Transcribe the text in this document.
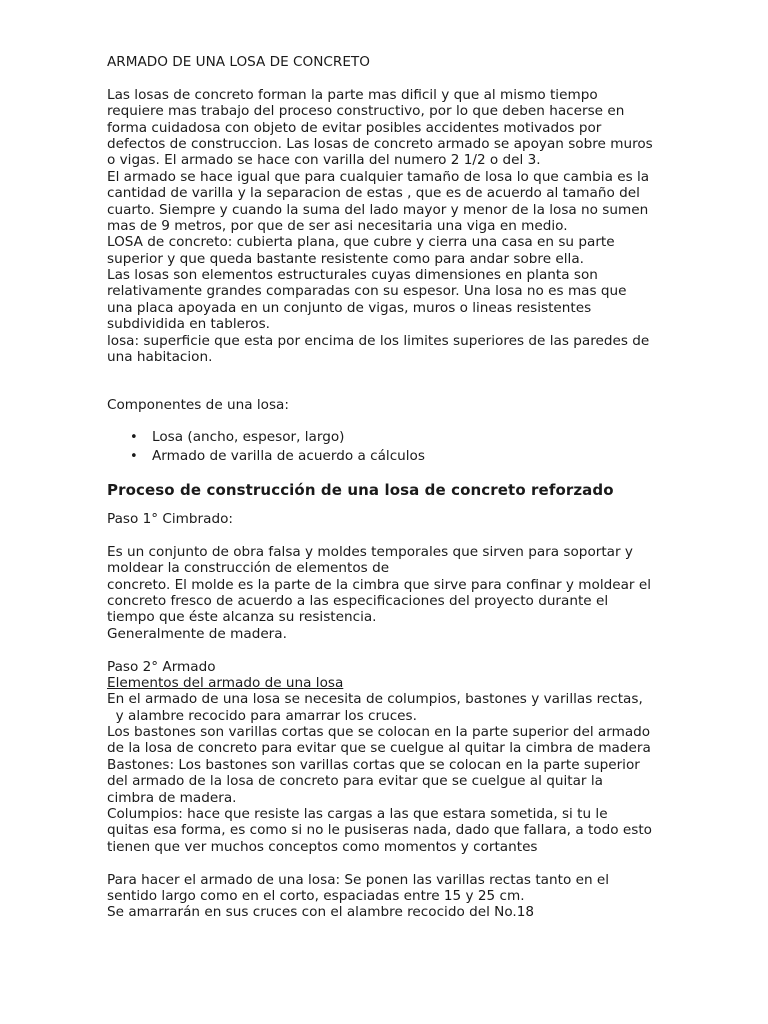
ARMADO DE UNA LOSA DE CONCRETO
Las losas de concreto forman la parte mas dificil y que al mismo tiempo
requiere mas trabajo del proceso constructivo, por lo que deben hacerse en
forma cuidadosa con objeto de evitar posibles accidentes motivados por
defectos de construccion. Las losas de concreto armado se apoyan sobre muros
o vigas. El armado se hace con varilla del numero 2 1/2 o del 3.
El armado se hace igual que para cualquier tamaño de losa lo que cambia es la
cantidad de varilla y la separacion de estas , que es de acuerdo al tamaño del
cuarto. Siempre y cuando la suma del lado mayor y menor de la losa no sumen
mas de 9 metros, por que de ser asi necesitaria una viga en medio.
LOSA de concreto: cubierta plana, que cubre y cierra una casa en su parte
superior y que queda bastante resistente como para andar sobre ella.
Las losas son elementos estructurales cuyas dimensiones en planta son
relativamente grandes comparadas con su espesor. Una losa no es mas que
una placa apoyada en un conjunto de vigas, muros o lineas resistentes
subdividida en tableros.
losa: superficie que esta por encima de los limites superiores de las paredes de
una habitacion.
Componentes de una losa:
• Losa (ancho, espesor, largo)
• Armado de varilla de acuerdo a cálculos
Proceso de construcción de una losa de concreto reforzado
Paso 1° Cimbrado:
Es un conjunto de obra falsa y moldes temporales que sirven para soportar y
moldear la construcción de elementos de
concreto. El molde es la parte de la cimbra que sirve para confinar y moldear el
concreto fresco de acuerdo a las especificaciones del proyecto durante el
tiempo que éste alcanza su resistencia.
Generalmente de madera.
Paso 2° Armado
Elementos del armado de una losa
En el armado de una losa se necesita de columpios, bastones y varillas rectas,
y alambre recocido para amarrar los cruces.
Los bastones son varillas cortas que se colocan en la parte superior del armado
de la losa de concreto para evitar que se cuelgue al quitar la cimbra de madera
Bastones: Los bastones son varillas cortas que se colocan en la parte superior
del armado de la losa de concreto para evitar que se cuelgue al quitar la
cimbra de madera.
Columpios: hace que resiste las cargas a las que estara sometida, si tu le
quitas esa forma, es como si no le pusiseras nada, dado que fallara, a todo esto
tienen que ver muchos conceptos como momentos y cortantes
Para hacer el armado de una losa: Se ponen las varillas rectas tanto en el
sentido largo como en el corto, espaciadas entre 15 y 25 cm.
Se amarrarán en sus cruces con el alambre recocido del No.18
